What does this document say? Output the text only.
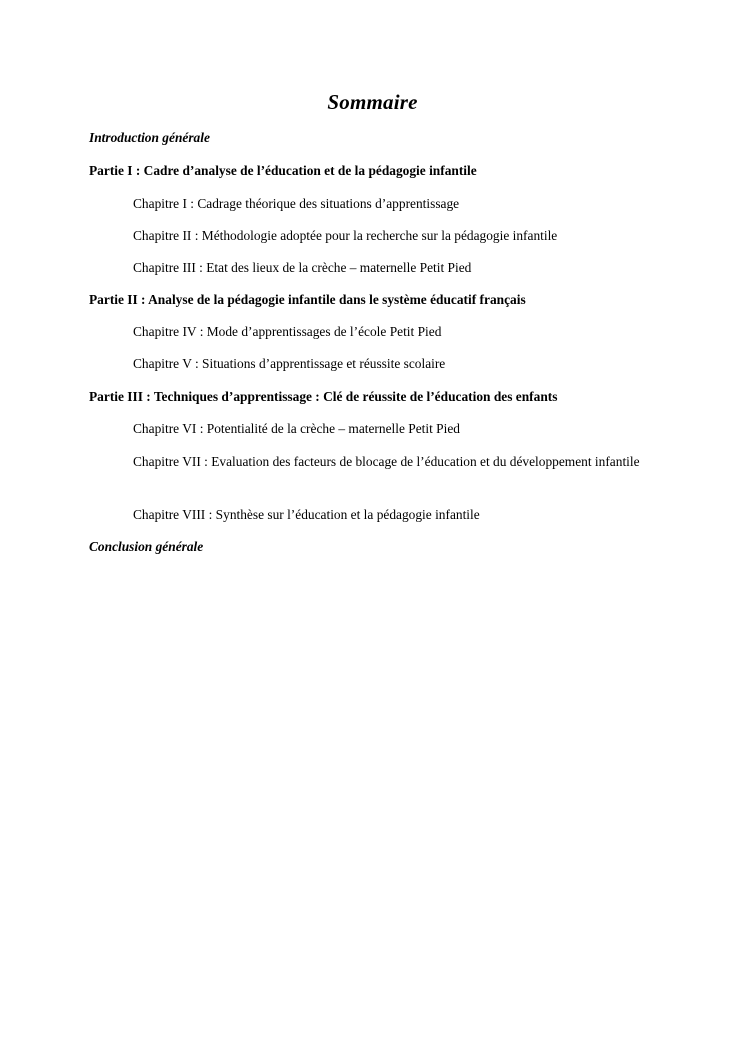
Sommaire
Introduction générale
Partie I : Cadre d’analyse de l’éducation et de la pédagogie infantile
Chapitre I : Cadrage théorique des situations d’apprentissage
Chapitre II : Méthodologie adoptée pour la recherche sur la pédagogie infantile
Chapitre III : Etat des lieux de la crèche – maternelle Petit Pied
Partie II : Analyse de la pédagogie infantile dans le système éducatif français
Chapitre IV : Mode d’apprentissages de l’école Petit Pied
Chapitre V : Situations d’apprentissage et réussite scolaire
Partie III : Techniques d’apprentissage : Clé de réussite de l’éducation des enfants
Chapitre VI : Potentialité de la crèche – maternelle Petit Pied
Chapitre VII : Evaluation des facteurs de blocage de l’éducation et du développement infantile
Chapitre VIII : Synthèse sur l’éducation et la pédagogie infantile
Conclusion générale
